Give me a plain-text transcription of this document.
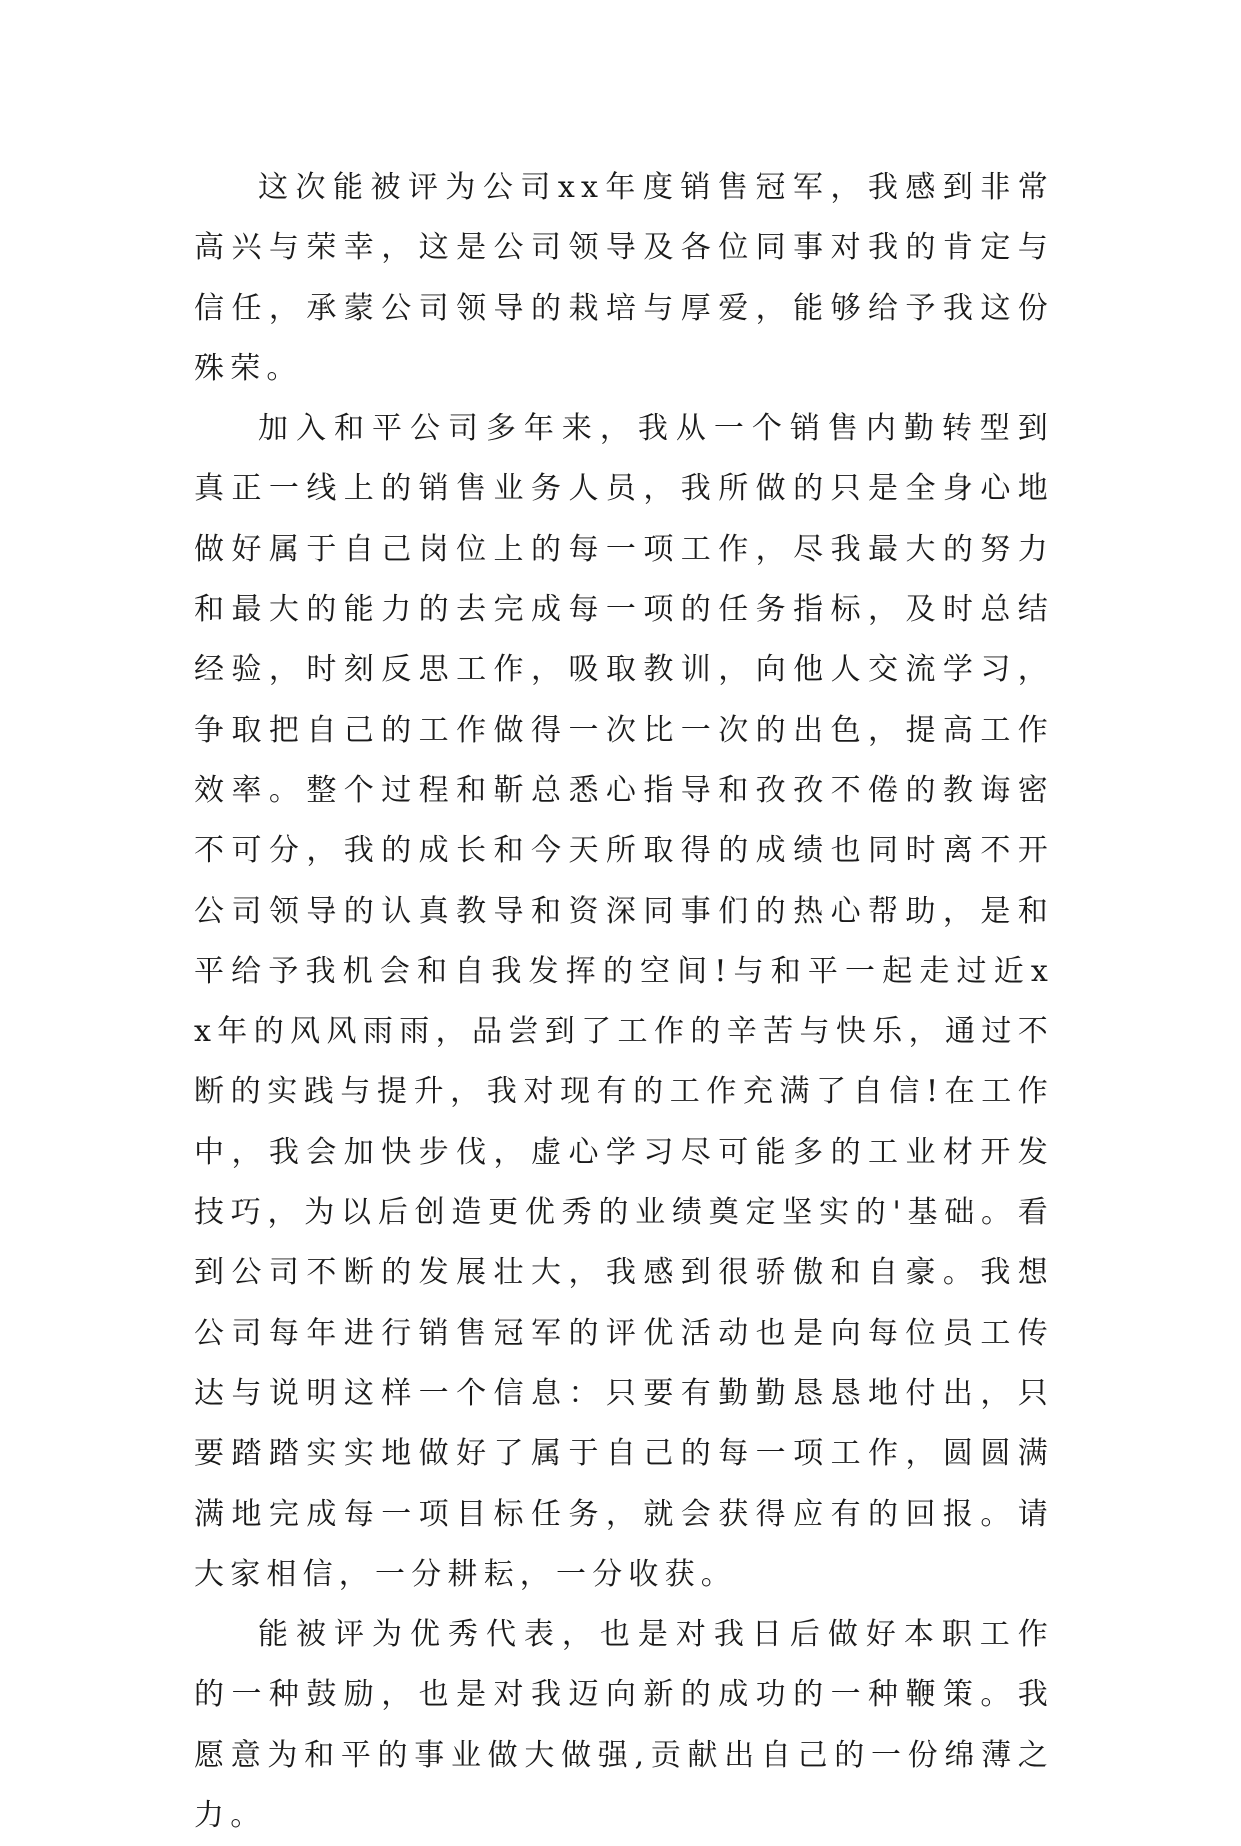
这次能被评为公司xx年度销售冠军，我感到非常高兴与荣幸，这是公司领导及各位同事对我的肯定与信任，承蒙公司领导的栽培与厚爱，能够给予我这份殊荣。

加入和平公司多年来，我从一个销售内勤转型到真正一线上的销售业务人员，我所做的只是全身心地做好属于自己岗位上的每一项工作，尽我最大的努力和最大的能力的去完成每一项的任务指标，及时总结经验，时刻反思工作，吸取教训，向他人交流学习，争取把自己的工作做得一次比一次的出色，提高工作效率。整个过程和靳总悉心指导和孜孜不倦的教诲密不可分，我的成长和今天所取得的成绩也同时离不开公司领导的认真教导和资深同事们的热心帮助，是和平给予我机会和自我发挥的空间!与和平一起走过近xx年的风风雨雨，品尝到了工作的辛苦与快乐，通过不断的实践与提升，我对现有的工作充满了自信!在工作中，我会加快步伐，虚心学习尽可能多的工业材开发技巧，为以后创造更优秀的业绩奠定坚实的'基础。看到公司不断的发展壮大，我感到很骄傲和自豪。我想公司每年进行销售冠军的评优活动也是向每位员工传达与说明这样一个信息：只要有勤勤恳恳地付出，只要踏踏实实地做好了属于自己的每一项工作，圆圆满满地完成每一项目标任务，就会获得应有的回报。请大家相信，一分耕耘，一分收获。

能被评为优秀代表，也是对我日后做好本职工作的一种鼓励，也是对我迈向新的成功的一种鞭策。我愿意为和平的事业做大做强,贡献出自己的一份绵薄之力。
